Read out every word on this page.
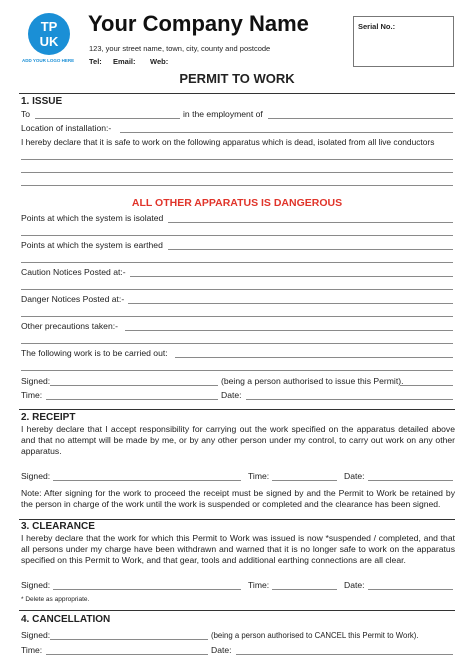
TP
UK
ADD YOUR LOGO HERE
Your Company Name
123, your street name, town, city, county and postcode
Tel: Email: Web:
Serial No.:
PERMIT TO WORK
1. ISSUE
To	in the employment of
Location of installation:-
I hereby declare that it is safe to work on the following apparatus which is dead, isolated from all live conductors
ALL OTHER APPARATUS IS DANGEROUS
Points at which the system is isolated
Points at which the system is earthed
Caution Notices Posted at:-
Danger Notices Posted at:-
Other precautions taken:-
The following work is to be carried out:
Signed:	(being a person authorised to issue this Permit).
Time:	Date:
2. RECEIPT
I hereby declare that I accept responsibility for carrying out the work specified on the apparatus detailed above and that no attempt will be made by me, or by any other person under my control, to carry out work on any other apparatus.
Signed:	Time:	Date:
Note: After signing for the work to proceed the receipt must be signed by and the Permit to Work be retained by the person in charge of the work until the work is suspended or completed and the clearance has been signed.
3. CLEARANCE
I hereby declare that the work for which this Permit to Work was issued is now *suspended / completed, and that all persons under my charge have been withdrawn and warned that it is no longer safe to work on the apparatus specified on this Permit to Work, and that gear, tools and additional earthing connections are all clear.
Signed:	Time:	Date:
* Delete as appropriate.
4. CANCELLATION
Signed:	(being a person authorised to CANCEL this Permit to Work).
Time:	Date:
